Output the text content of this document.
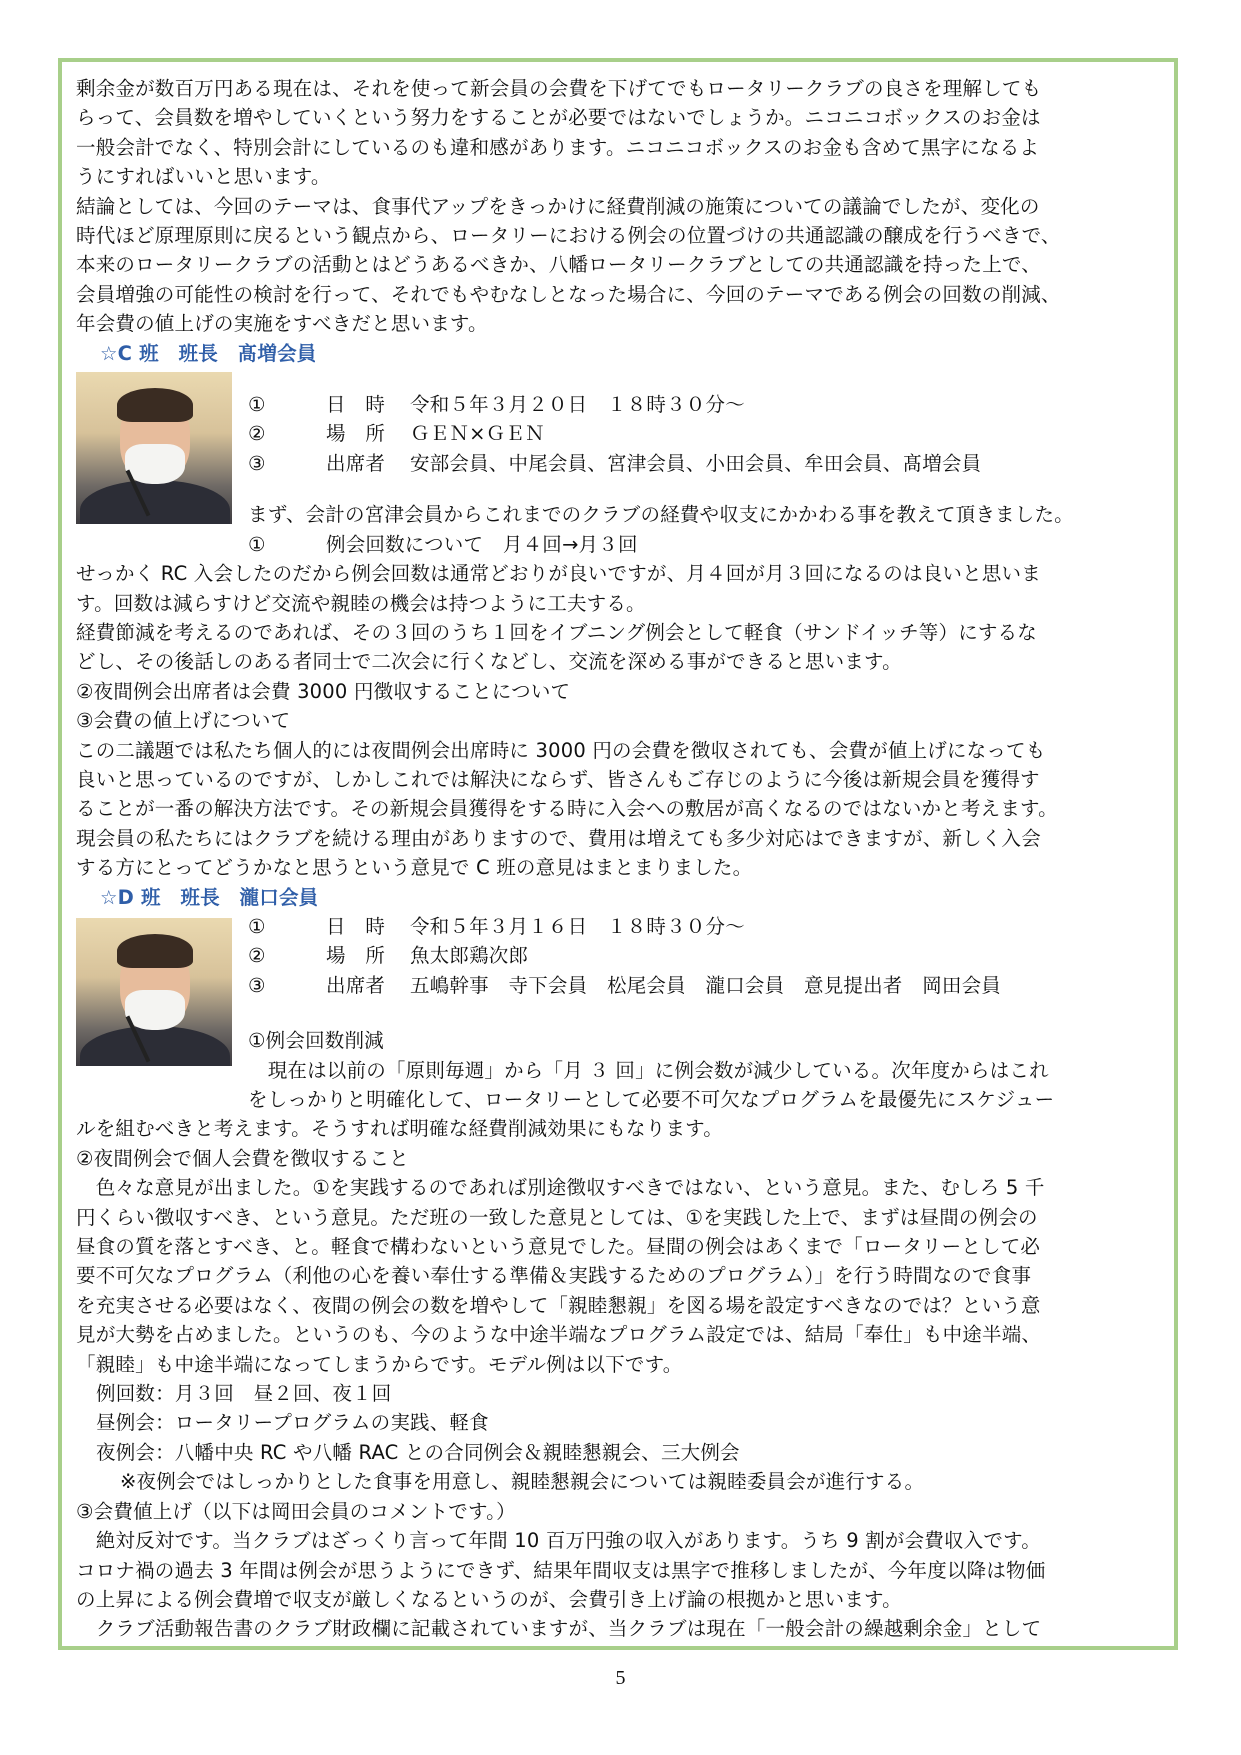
剰余金が数百万円ある現在は、それを使って新会員の会費を下げてでもロータリークラブの良さを理解しても

らって、会員数を増やしていくという努力をすることが必要ではないでしょうか。ニコニコボックスのお金は

一般会計でなく、特別会計にしているのも違和感があります。ニコニコボックスのお金も含めて黒字になるよ

うにすればいいと思います。

結論としては、今回のテーマは、食事代アップをきっかけに経費削減の施策についての議論でしたが、変化の

時代ほど原理原則に戻るという観点から、ロータリーにおける例会の位置づけの共通認識の醸成を行うべきで、

本来のロータリークラブの活動とはどうあるべきか、八幡ロータリークラブとしての共通認識を持った上で、

会員増強の可能性の検討を行って、それでもやむなしとなった場合に、今回のテーマである例会の回数の削減、

年会費の値上げの実施をすべきだと思います。

☆C 班　班長　髙増会員

①	日　時	令和５年３月２０日　１８時３０分～
②	場　所	ＧＥＮ×ＧＥＮ
③	出席者	安部会員、中尾会員、宮津会員、小田会員、牟田会員、髙増会員

まず、会計の宮津会員からこれまでのクラブの経費や収支にかかわる事を教えて頂きました。

①	例会回数について　月４回→月３回

せっかく RC 入会したのだから例会回数は通常どおりが良いですが、月４回が月３回になるのは良いと思いま

す。回数は減らすけど交流や親睦の機会は持つように工夫する。

経費節減を考えるのであれば、その３回のうち１回をイブニング例会として軽食（サンドイッチ等）にするな

どし、その後話しのある者同士で二次会に行くなどし、交流を深める事ができると思います。

②夜間例会出席者は会費 3000 円徴収することについて

③会費の値上げについて

この二議題では私たち個人的には夜間例会出席時に 3000 円の会費を徴収されても、会費が値上げになっても

良いと思っているのですが、しかしこれでは解決にならず、皆さんもご存じのように今後は新規会員を獲得す

ることが一番の解決方法です。その新規会員獲得をする時に入会への敷居が高くなるのではないかと考えます。

現会員の私たちにはクラブを続ける理由がありますので、費用は増えても多少対応はできますが、新しく入会

する方にとってどうかなと思うという意見で C 班の意見はまとまりました。

☆D 班　班長　瀧口会員

①	日　時	令和５年３月１６日　１８時３０分～
②	場　所	魚太郎鶏次郎
③	出席者	五嶋幹事　寺下会員　松尾会員　瀧口会員　意見提出者　岡田会員

①例会回数削減

　現在は以前の「原則毎週」から「月 ３ 回」に例会数が減少している。次年度からはこれ

をしっかりと明確化して、ロータリーとして必要不可欠なプログラムを最優先にスケジュー

ルを組むべきと考えます。そうすれば明確な経費削減効果にもなります。

②夜間例会で個人会費を徴収すること

　色々な意見が出ました。①を実践するのであれば別途徴収すべきではない、という意見。また、むしろ 5 千

円くらい徴収すべき、という意見。ただ班の一致した意見としては、①を実践した上で、まずは昼間の例会の

昼食の質を落とすべき、と。軽食で構わないという意見でした。昼間の例会はあくまで「ロータリーとして必

要不可欠なプログラム（利他の心を養い奉仕する準備＆実践するためのプログラム）」を行う時間なので食事

を充実させる必要はなく、夜間の例会の数を増やして「親睦懇親」を図る場を設定すべきなのでは？という意

見が大勢を占めました。というのも、今のような中途半端なプログラム設定では、結局「奉仕」も中途半端、

「親睦」も中途半端になってしまうからです。モデル例は以下です。

例回数：月３回　昼２回、夜１回

昼例会：ロータリープログラムの実践、軽食

夜例会：八幡中央 RC や八幡 RAC との合同例会＆親睦懇親会、三大例会

※夜例会ではしっかりとした食事を用意し、親睦懇親会については親睦委員会が進行する。

③会費値上げ（以下は岡田会員のコメントです。）

　絶対反対です。当クラブはざっくり言って年間 10 百万円強の収入があります。うち 9 割が会費収入です。

コロナ禍の過去 3 年間は例会が思うようにできず、結果年間収支は黒字で推移しましたが、今年度以降は物価

の上昇による例会費増で収支が厳しくなるというのが、会費引き上げ論の根拠かと思います。

　クラブ活動報告書のクラブ財政欄に記載されていますが、当クラブは現在「一般会計の繰越剰余金」として

5
